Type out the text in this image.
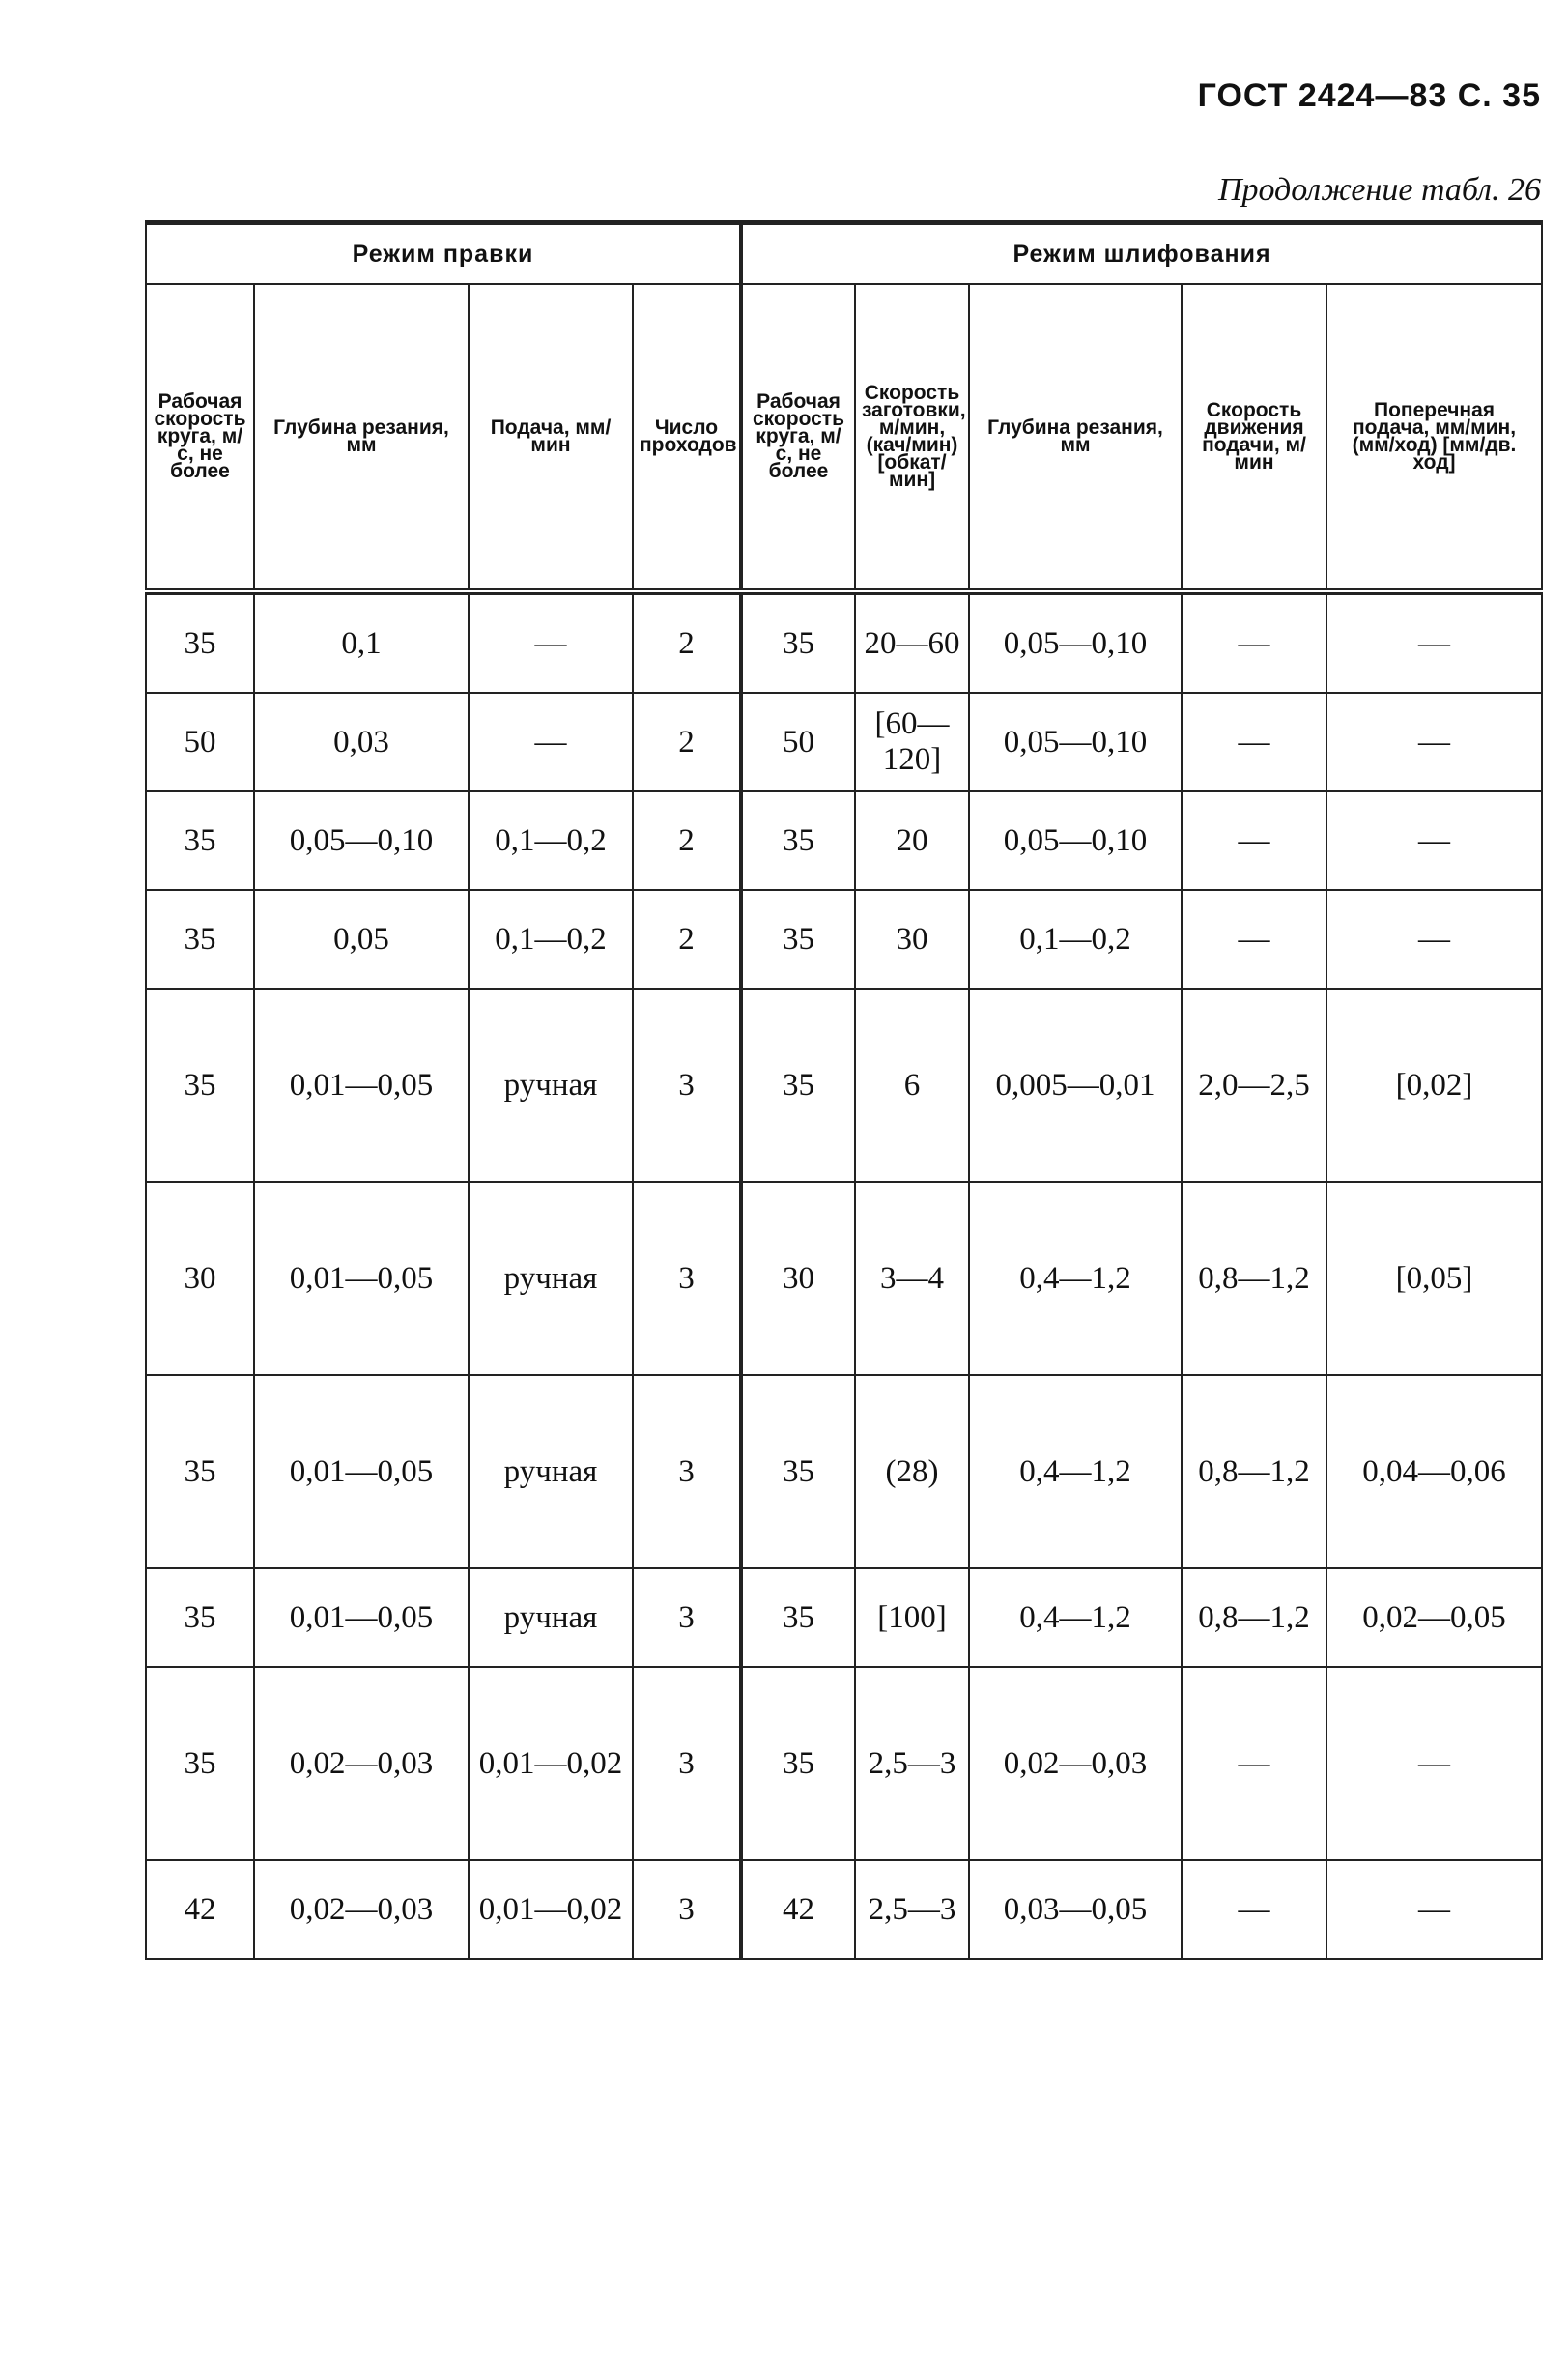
ГОСТ 2424—83 С. 35
Продолжение табл. 26
Режим правки				Режим шлифования				
Рабочая скорость круга, м/с, не более	Глубина резания, мм	Подача, мм/мин	Число проходов	Рабочая скорость круга, м/с, не более	Скорость заготовки, м/мин, (кач/мин) [обкат/мин]	Глубина резания, мм	Скорость движения подачи, м/мин	Поперечная подача, мм/мин, (мм/ход) [мм/дв. ход]
35	0,1	—	2	35	20—60	0,05—0,10	—	—
50	0,03	—	2	50	[60—120]	0,05—0,10	—	—
35	0,05—0,10	0,1—0,2	2	35	20	0,05—0,10	—	—
35	0,05	0,1—0,2	2	35	30	0,1—0,2	—	—
35	0,01—0,05	ручная	3	35	6	0,005—0,01	2,0—2,5	[0,02]
30	0,01—0,05	ручная	3	30	3—4	0,4—1,2	0,8—1,2	[0,05]
35	0,01—0,05	ручная	3	35	(28)	0,4—1,2	0,8—1,2	0,04—0,06
35	0,01—0,05	ручная	3	35	[100]	0,4—1,2	0,8—1,2	0,02—0,05
35	0,02—0,03	0,01—0,02	3	35	2,5—3	0,02—0,03	—	—
42	0,02—0,03	0,01—0,02	3	42	2,5—3	0,03—0,05	—	—
